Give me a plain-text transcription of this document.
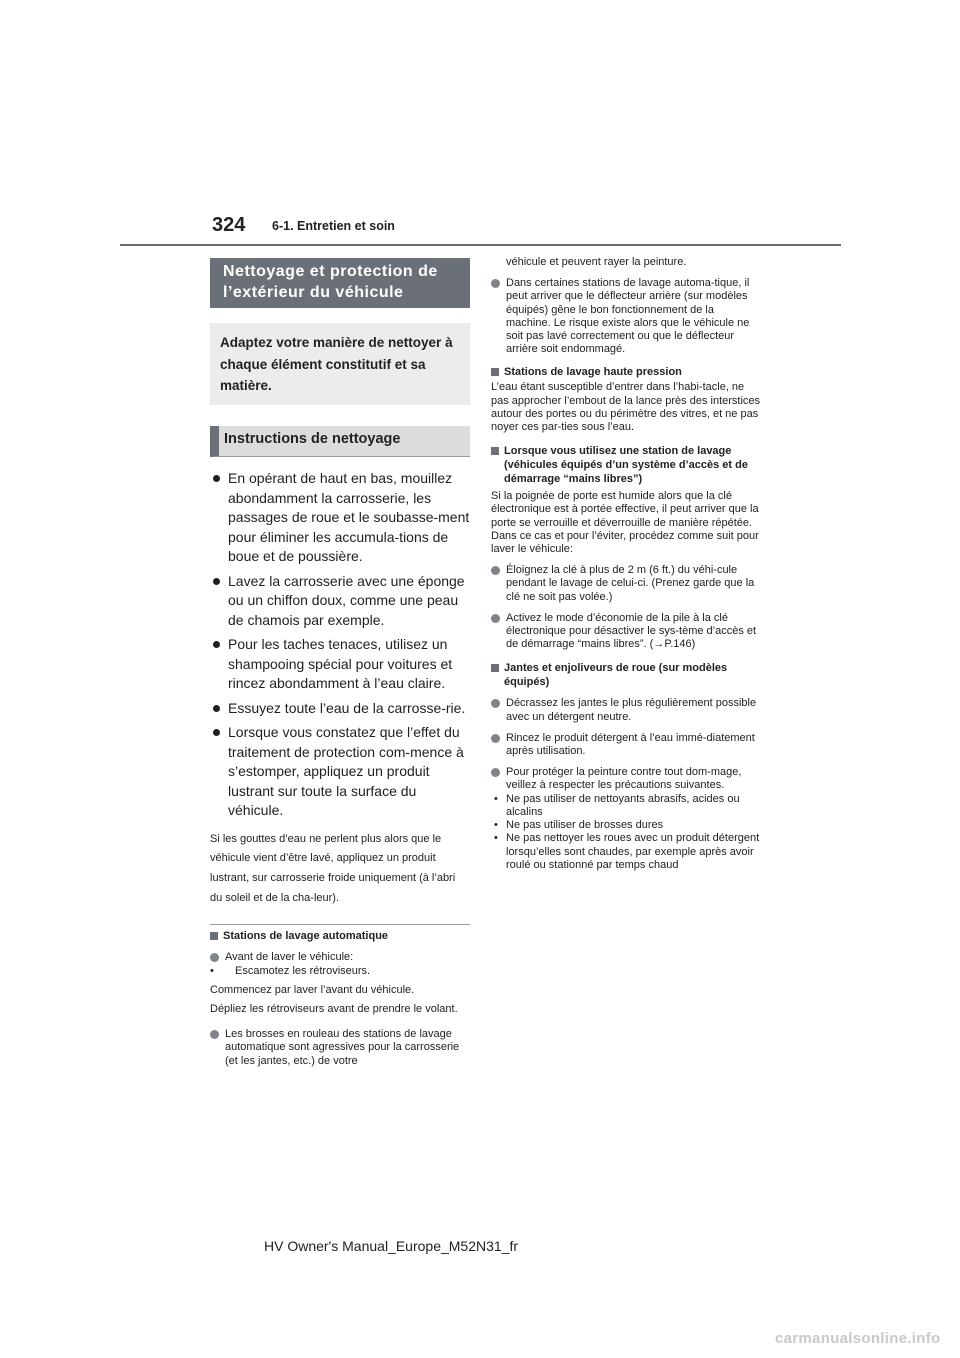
324 6-1. Entretien et soin
Nettoyage et protection de l’extérieur du véhicule
Adaptez votre manière de nettoyer à chaque élément constitutif et sa matière.
Instructions de nettoyage
En opérant de haut en bas, mouillez abondamment la carrosserie, les passages de roue et le soubasse-ment pour éliminer les accumula-tions de boue et de poussière.
Lavez la carrosserie avec une éponge ou un chiffon doux, comme une peau de chamois par exemple.
Pour les taches tenaces, utilisez un shampooing spécial pour voitures et rincez abondamment à l’eau claire.
Essuyez toute l’eau de la carrosse-rie.
Lorsque vous constatez que l’effet du traitement de protection com-mence à s’estomper, appliquez un produit lustrant sur toute la surface du véhicule.
Si les gouttes d’eau ne perlent plus alors que le véhicule vient d’être lavé, appliquez un produit lustrant, sur carrosserie froide uniquement (à l’abri du soleil et de la cha-leur).
Stations de lavage automatique
Avant de laver le véhicule:
• Escamotez les rétroviseurs.
Commencez par laver l’avant du véhicule.
Dépliez les rétroviseurs avant de prendre le volant.
Les brosses en rouleau des stations de lavage automatique sont agressives pour la carrosserie (et les jantes, etc.) de votre
véhicule et peuvent rayer la peinture.
Dans certaines stations de lavage automa-tique, il peut arriver que le déflecteur arrière (sur modèles équipés) gêne le bon fonctionnement de la machine. Le risque existe alors que le véhicule ne soit pas lavé correctement ou que le déflecteur arrière soit endommagé.
Stations de lavage haute pression
L’eau étant susceptible d’entrer dans l’habi-tacle, ne pas approcher l’embout de la lance près des interstices autour des portes ou du périmètre des vitres, et ne pas noyer ces par-ties sous l’eau.
Lorsque vous utilisez une station de lavage (véhicules équipés d’un système d’accès et de démarrage “mains libres”)
Si la poignée de porte est humide alors que la clé électronique est à portée effective, il peut arriver que la porte se verrouille et déverrouille de manière répétée. Dans ce cas et pour l’éviter, procédez comme suit pour laver le véhicule:
Éloignez la clé à plus de 2 m (6 ft.) du véhi-cule pendant le lavage de celui-ci. (Prenez garde que la clé ne soit pas volée.)
Activez le mode d’économie de la pile à la clé électronique pour désactiver le sys-tème d’accès et de démarrage “mains libres”. (→P.146)
Jantes et enjoliveurs de roue (sur modèles équipés)
Décrassez les jantes le plus régulièrement possible avec un détergent neutre.
Rincez le produit détergent à l’eau immé-diatement après utilisation.
Pour protéger la peinture contre tout dom-mage, veillez à respecter les précautions suivantes.
• Ne pas utiliser de nettoyants abrasifs, acides ou alcalins
• Ne pas utiliser de brosses dures
• Ne pas nettoyer les roues avec un produit détergent lorsqu’elles sont chaudes, par exemple après avoir roulé ou stationné par temps chaud
HV Owner's Manual_Europe_M52N31_fr
carmanualsonline.info
